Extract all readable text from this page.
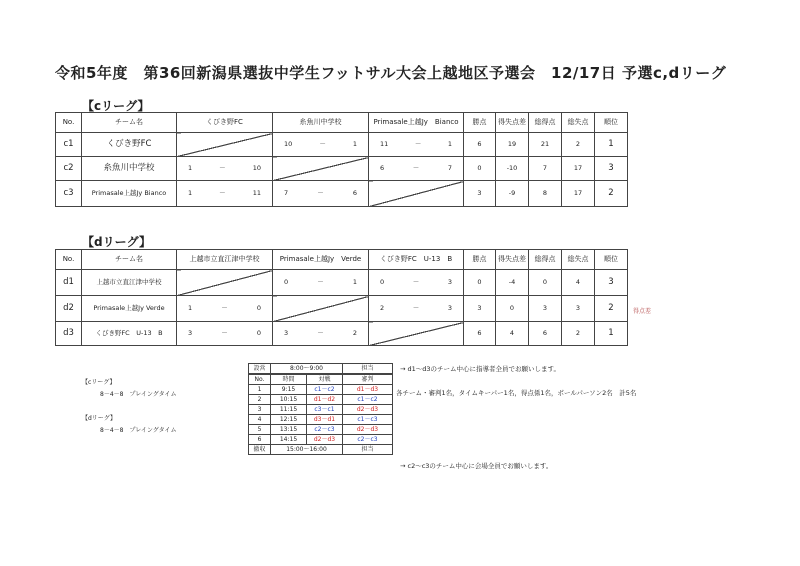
令和5年度　第36回新潟県選抜中学生フットサル大会上越地区予選会　12/17日 予選c,dリーグ
【cリーグ】
No.	チーム名	くびき野FC	糸魚川中学校	Primasale上越Jy　Bianco	勝点	得失点差	総得点	総失点	順位
c1	くびき野FC		10 － 1	11 － 1	6	19	21	2	1
c2	糸魚川中学校	1 － 10		6 － 7	0	-10	7	17	3
c3	Primasale上越Jy Bianco	1 － 11	7 － 6		3	-9	8	17	2
【dリーグ】
No.	チーム名	上越市立直江津中学校	Primasale上越Jy　Verde	くびき野FC　U-13　B	勝点	得失点差	総得点	総失点	順位
d1	上越市立直江津中学校		0 － 1	0 － 3	0	-4	0	4	3
d2	Primasale上越Jy Verde	1 － 0		2 － 3	3	0	3	3	2
d3	くびき野FC　U-13　B	3 － 0	3 － 2		6	4	6	2	1
得点差
【cリーグ】
8－4－8　プレイングタイム
【dリーグ】
8－4－8　プレイングタイム
設営	8:00～9:00	担当
No.	時間	対戦	審判
1	9:15	c1－c2	d1－d3
2	10:15	d1－d2	c1－c2
3	11:15	c3－c1	d2－d3
4	12:15	d3－d1	c1－c3
5	13:15	c2－c3	d2－d3
6	14:15	d2－d3	c2－c3
撤収	15:00～16:00		担当
→ d1～d3のチーム中心に指導者全員でお願いします。
各チーム・審判1名，タイムキーパー1名，得点係1名，ボールパーソン2名　計5名
→ c2～c3のチーム中心に会場全員でお願いします。
